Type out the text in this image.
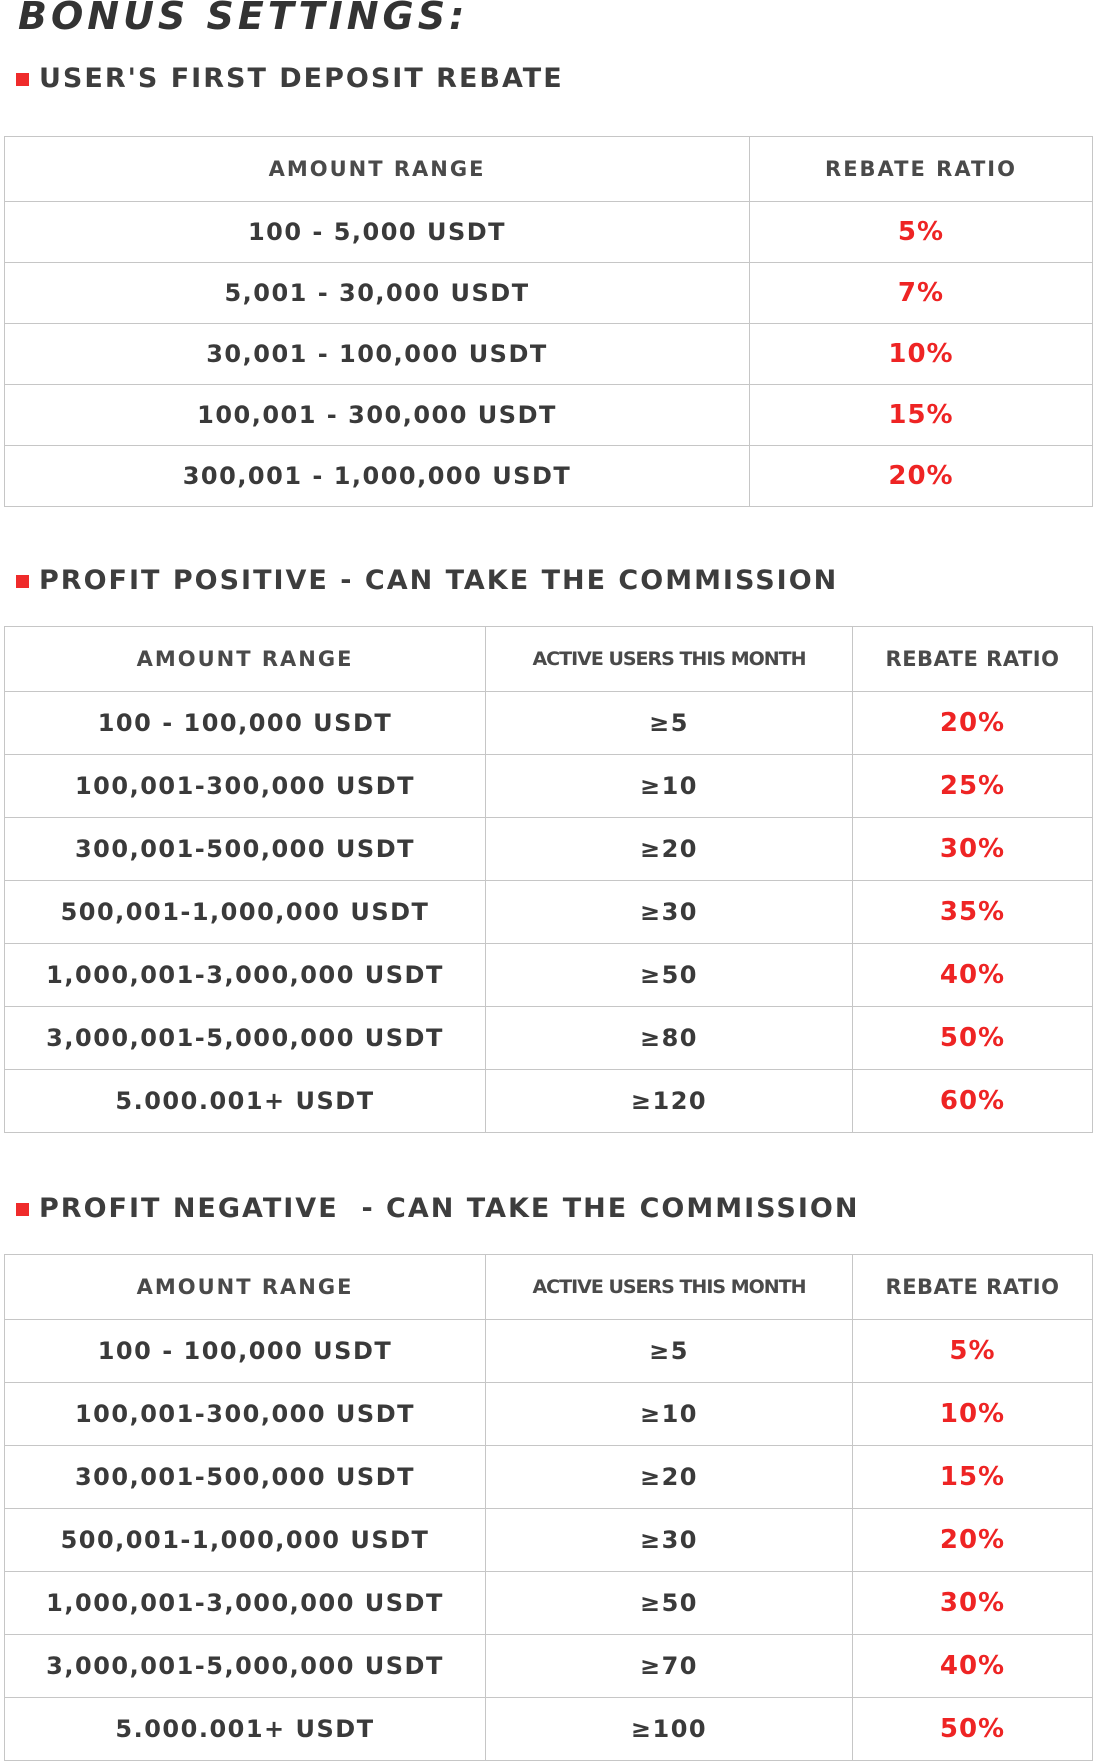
BONUS SETTINGS:
USER'S FIRST DEPOSIT REBATE
AMOUNT RANGE	REBATE RATIO
100 - 5,000 USDT	5%
5,001 - 30,000 USDT	7%
30,001 - 100,000 USDT	10%
100,001 - 300,000 USDT	15%
300,001 - 1,000,000 USDT	20%
PROFIT POSITIVE - CAN TAKE THE COMMISSION
AMOUNT RANGE	ACTIVE USERS THIS MONTH	REBATE RATIO
100 - 100,000 USDT	≥5	20%
100,001-300,000 USDT	≥10	25%
300,001-500,000 USDT	≥20	30%
500,001-1,000,000 USDT	≥30	35%
1,000,001-3,000,000 USDT	≥50	40%
3,000,001-5,000,000 USDT	≥80	50%
5.000.001+ USDT	≥120	60%
PROFIT NEGATIVE  - CAN TAKE THE COMMISSION
AMOUNT RANGE	ACTIVE USERS THIS MONTH	REBATE RATIO
100 - 100,000 USDT	≥5	5%
100,001-300,000 USDT	≥10	10%
300,001-500,000 USDT	≥20	15%
500,001-1,000,000 USDT	≥30	20%
1,000,001-3,000,000 USDT	≥50	30%
3,000,001-5,000,000 USDT	≥70	40%
5.000.001+ USDT	≥100	50%
